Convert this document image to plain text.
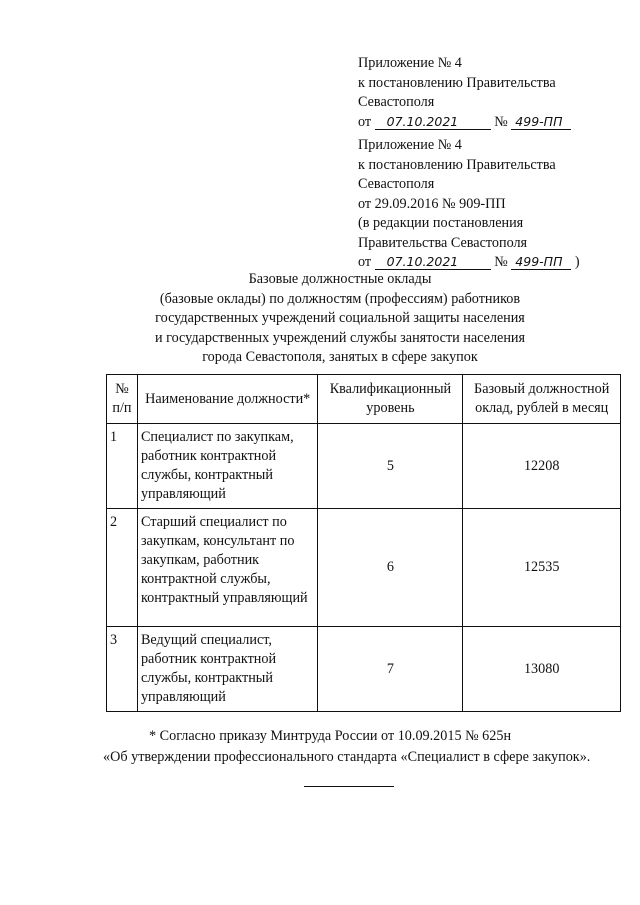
Приложение № 4
к постановлению Правительства
Севастополя
от 07.10.2021	№ 499-ПП
Приложение № 4
к постановлению Правительства
Севастополя
от 29.09.2016 № 909-ПП
(в редакции постановления
Правительства Севастополя
от 07.10.2021	№ 499-ПП )
Базовые должностные оклады
(базовые оклады) по должностям (профессиям) работников
государственных учреждений социальной защиты населения
и государственных учреждений службы занятости населения
города Севастополя, занятых в сфере закупок
№ п/п	Наименование должности*	Квалификационный уровень	Базовый должностной оклад, рублей в месяц
1	Специалист по закупкам, работник контрактной службы, контрактный управляющий	5	12208
2	Старший специалист по закупкам, консультант по закупкам, работник контрактной службы, контрактный управляющий	6	12535
3	Ведущий специалист, работник контрактной службы, контрактный управляющий	7	13080
* Согласно приказу Минтруда России от 10.09.2015 № 625н
«Об утверждении профессионального стандарта «Специалист в сфере закупок».
